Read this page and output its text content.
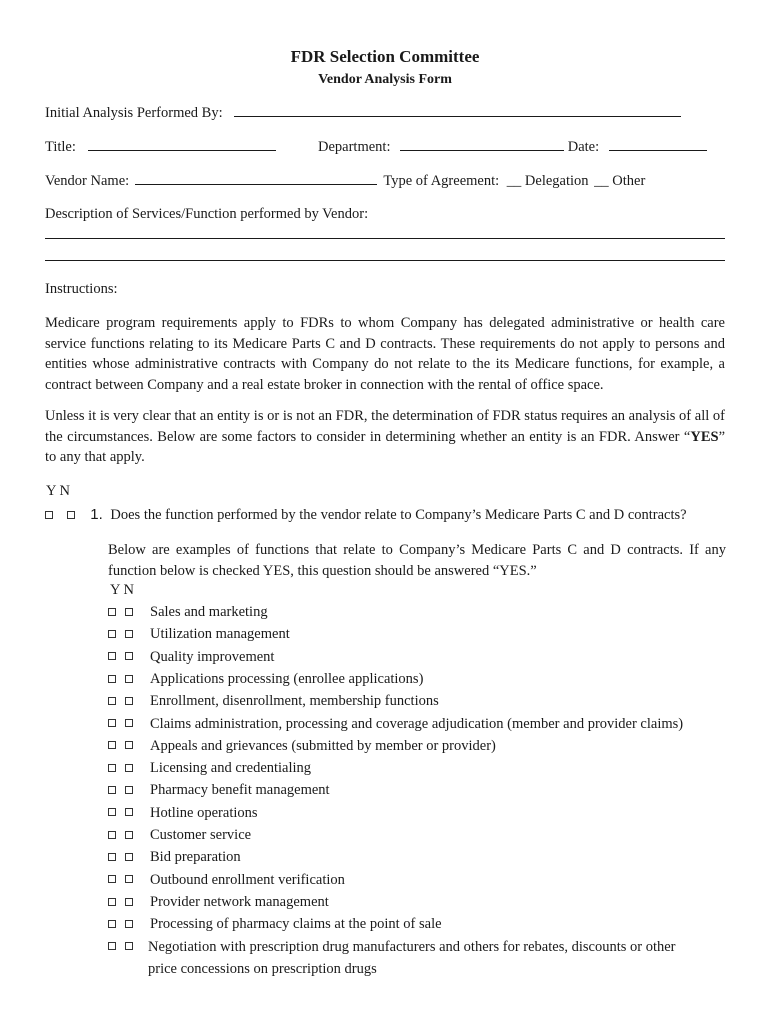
FDR Selection Committee
Vendor Analysis Form
Initial Analysis Performed By:
Title:	Department:	Date:
Vendor Name:	Type of Agreement: __ Delegation __ Other
Description of Services/Function performed by Vendor:
Instructions:
Medicare program requirements apply to FDRs to whom Company has delegated administrative or health care service functions relating to its Medicare Parts C and D contracts. These requirements do not apply to persons and entities whose administrative contracts with Company do not relate to the its Medicare functions, for example, a contract between Company and a real estate broker in connection with the rental of office space.
Unless it is very clear that an entity is or is not an FDR, the determination of FDR status requires an analysis of all of the circumstances. Below are some factors to consider in determining whether an entity is an FDR. Answer “YES” to any that apply.
Y N
1. Does the function performed by the vendor relate to Company’s Medicare Parts C and D contracts?
Below are examples of functions that relate to Company’s Medicare Parts C and D contracts. If any function below is checked YES, this question should be answered “YES.”
Y N
Sales and marketing
Utilization management
Quality improvement
Applications processing (enrollee applications)
Enrollment, disenrollment, membership functions
Claims administration, processing and coverage adjudication (member and provider claims)
Appeals and grievances (submitted by member or provider)
Licensing and credentialing
Pharmacy benefit management
Hotline operations
Customer service
Bid preparation
Outbound enrollment verification
Provider network management
Processing of pharmacy claims at the point of sale
Negotiation with prescription drug manufacturers and others for rebates, discounts or other
price concessions on prescription drugs
